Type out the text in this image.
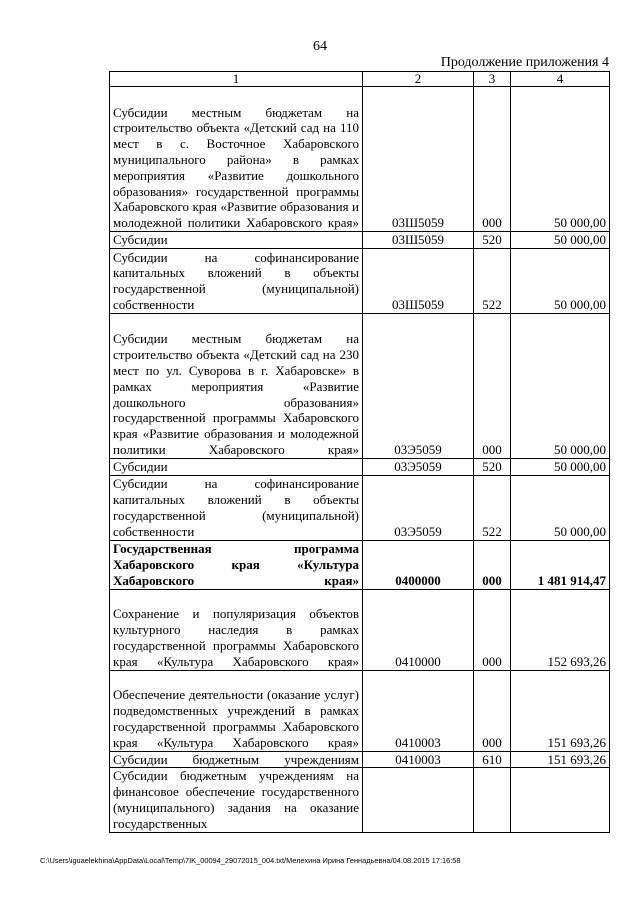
64
Продолжение приложения 4
1	2	3	4
Субсидии местным бюджетам на строительство объекта «Детский сад на 110 мест в с. Восточное Хабаровского муниципального района» в рамках мероприятия «Развитие дошкольного образования» государственной программы Хабаровского края «Развитие образования и молодежной политики Хабаровского края»	03Ш5059	000	50 000,00
Субсидии	03Ш5059	520	50 000,00
Субсидии на софинансирование капитальных вложений в объекты государственной (муниципальной) собственности	03Ш5059	522	50 000,00
Субсидии местным бюджетам на строительство объекта «Детский сад на 230 мест по ул. Суворова в г. Хабаровске» в рамках мероприятия «Развитие дошкольного образования» государственной программы Хабаровского края «Развитие образования и молодежной политики Хабаровского края»	03Э5059	000	50 000,00
Субсидии	03Э5059	520	50 000,00
Субсидии на софинансирование капитальных вложений в объекты государственной (муниципальной) собственности	03Э5059	522	50 000,00
Государственная программа Хабаровского края «Культура Хабаровского края»	0400000	000	1 481 914,47
Сохранение и популяризация объектов культурного наследия в рамках государственной программы Хабаровского края «Культура Хабаровского края»	0410000	000	152 693,26
Обеспечение деятельности (оказание услуг) подведомственных учреждений в рамках государственной программы Хабаровского края «Культура Хабаровского края»	0410003	000	151 693,26
Субсидии бюджетным учреждениям	0410003	610	151 693,26
Субсидии бюджетным учреждениям на финансовое обеспечение государственного (муниципального) задания на оказание государственных			
C:\Users\iguaelekhina\AppData\Local\Temp\7IK_00094_29072015_004.txt/Мелехина Ирина Геннадьевна/04.08.2015 17:16:58
